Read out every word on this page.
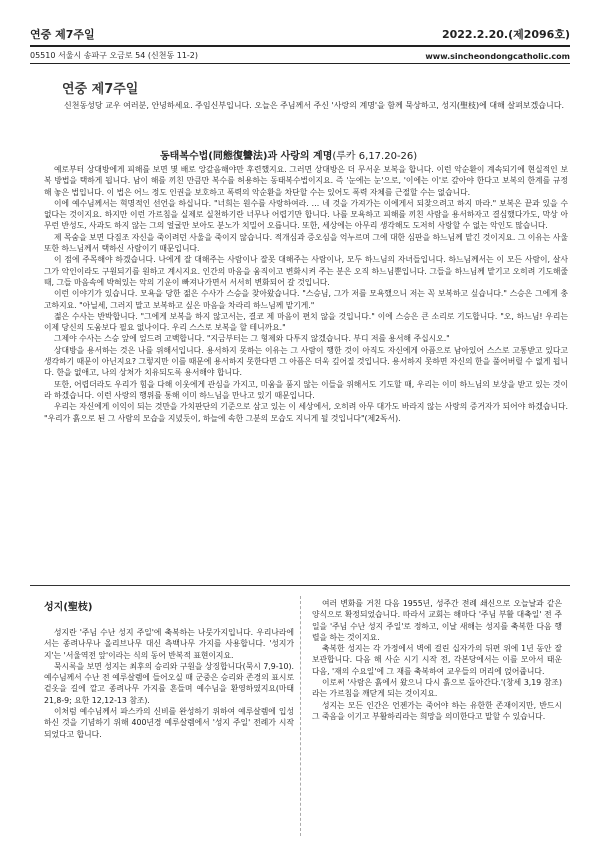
연중 제7주일	2022.2.20.(제2096호)
05510 서울시 송파구 오금로 54 (신천동 11-2)	www.sincheondongcatholic.com
연중 제7주일
신천동성당 교우 여러분, 안녕하세요. 주임신부입니다. 오늘은 주님께서 주신 '사랑의 계명'을 함께 묵상하고, 성지(聖枝)에 대해 살펴보겠습니다.
동태복수법(同態復讐法)과 사랑의 계명(루카 6,17.20-26)

예로부터 상대방에게 피해를 보면 몇 배로 앙갚음해야만 후련했지요. 그러면 상대방은 더 무서운 보복을 합니다. 이런 악순환이 계속되기에 현실적인 보복 방법을 택하게 됩니다. 남이 해를 끼친 만큼만 복수를 허용하는 동태복수법이지요. 즉 '눈에는 눈'으로, '이에는 이'로 갚아야 한다고 보복의 한계를 규정해 놓은 법입니다. 이 법은 어느 정도 인권을 보호하고 폭력의 악순환을 차단할 수는 있어도 폭력 자체를 근절할 수는 없습니다.

이에 예수님께서는 혁명적인 선언을 하십니다. "너희는 원수를 사랑하여라. … 네 것을 가져가는 이에게서 되찾으려고 하지 마라." 보복은 끝과 있을 수 없다는 것이지요. 하지만 이런 가르침을 실제로 실천하기란 너무나 어렵기만 합니다. 나를 모욕하고 피해를 끼친 사람을 용서하자고 결심했다가도, 막상 아무런 반성도, 사과도 하지 않는 그의 얼굴만 보아도 분노가 치밀어 오릅니다. 또한, 세상에는 아무리 생각해도 도저히 사랑할 수 없는 악인도 많습니다.

제 목숨을 보면 다짐조 자신을 죽이려던 사울을 죽이지 않습니다. 적개심과 증오심을 억누르며 그에 대한 심판을 하느님께 맡긴 것이지요. 그 이유는 사울 또한 하느님께서 택하신 사람이기 때문입니다.

이 점에 주목해야 하겠습니다. 나에게 잘 대해주는 사람이나 잘못 대해주는 사람이나, 모두 하느님의 자녀들입니다. 하느님께서는 이 모든 사람이, 살사 그가 악인이라도 구원되기를 원하고 계시지요. 인간의 마음을 움직이고 변화시켜 주는 분은 오직 하느님뿐입니다. 그들을 하느님께 맡기고 오히려 기도해줄 때, 그들 마음속에 박혀있는 악의 기운이 빠져나가면서 서서히 변화되어 갈 것입니다.

이런 이야기가 있습니다. 모욕을 당한 젊은 수사가 스승을 찾아왔습니다. "스승님, 그가 저를 모욕했으니 저는 꼭 보복하고 싶습니다." 스승은 그에게 충고하지요. "아닐세, 그러지 말고 보복하고 싶은 마음을 차라리 하느님께 맡기게."

젊은 수사는 반박합니다. "그에게 보복을 하지 않고서는, 결코 제 마음이 편치 않을 것입니다." 이에 스승은 큰 소리로 기도합니다. "오, 하느님! 우리는 이제 당신의 도움보다 필요 없나이다. 우리 스스로 보복을 할 테니까요."

그제야 수사는 스승 앞에 엎드려 고백합니다. "지금부터는 그 형제와 다투지 않겠습니다. 부디 저를 용서해 주십시오."

상대방을 용서하는 것은 나를 위해서입니다. 용서하지 못하는 이유는 그 사람이 행한 것이 아직도 자신에게 아픔으로 남아있어 스스로 고통받고 있다고 생각하기 때문이 아닌지요? 그렇지만 이를 때문에 용서하지 못한다면 그 아픔은 더욱 깊어질 것입니다. 용서하지 못하면 자신의 한을 풀어버릴 수 없게 됩니다. 한을 없애고, 나의 상처가 치유되도록 용서해야 합니다.

또한, 어렵더라도 우리가 힘을 다해 이웃에게 관심을 가지고, 미움을 품지 않는 이들을 위해서도 기도할 때, 우리는 이미 하느님의 보상을 받고 있는 것이라 하겠습니다. 이런 사랑의 행위를 통해 이미 하느님을 만나고 있기 때문입니다.

우리는 자신에게 이익이 되는 것만을 가치판단의 기준으로 삼고 있는 이 세상에서, 오히려 아무 대가도 바라지 않는 사랑의 증거자가 되어야 하겠습니다. "우리가 흙으로 된 그 사람의 모습을 지녔듯이, 하늘에 속한 그분의 모습도 지니게 될 것입니다"(제2독서).

성지(聖枝)

성지란 '주님 수난 성지 주일'에 축복하는 나뭇가지입니다. 우리나라에서는 종려나무나 올리브나무 대신 측백나무 가지를 사용합니다. '성지가지'는 '서울역전 앞'이라는 식의 동어 반복적 표현이지요.

묵시록을 보면 성지는 최후의 승리와 구원을 상징합니다(묵시 7,9-10). 예수님께서 수난 전 예루살렘에 들어오실 때 군중은 승리와 존경의 표시로 겉옷을 길에 깔고 종려나무 가지를 흔들며 예수님을 환영하였지요(마태 21,8-9; 요한 12,12-13 참조).

이처럼 예수님께서 파스카의 신비를 완성하기 위하여 예루살렘에 입성하신 것을 기념하기 위해 400년경 예루살렘에서 '성지 주일' 전례가 시작되었다고 합니다.

여러 변화를 거친 다음 1955년, 성주간 전례 쇄신으로 오늘날과 같은 양식으로 확정되었습니다. 따라서 교회는 해마다 '주님 부활 대축일' 전 주일을 '주님 수난 성지 주일'로 정하고, 이날 새해는 성지를 축복한 다음 행렬을 하는 것이지요.

축복한 성지는 각 가정에서 벽에 걸린 십자가의 뒤편 위에 1년 동안 잘 보관합니다. 다음 해 사순 시기 시작 전, 각본당에서는 이를 모아서 태운 다음, '재의 수요일'에 그 재를 축복하여 교우들의 머리에 얹어줍니다.

이로써 '사람은 흙에서 왔으니 다시 흙으로 돌아간다.'(창세 3,19 참조)라는 가르침을 깨닫게 되는 것이지요.

성지는 모든 인간은 언젠가는 죽어야 하는 유한한 존재이지만, 반드시 그 죽음을 이기고 부활하리라는 희망을 의미한다고 말할 수 있습니다.
